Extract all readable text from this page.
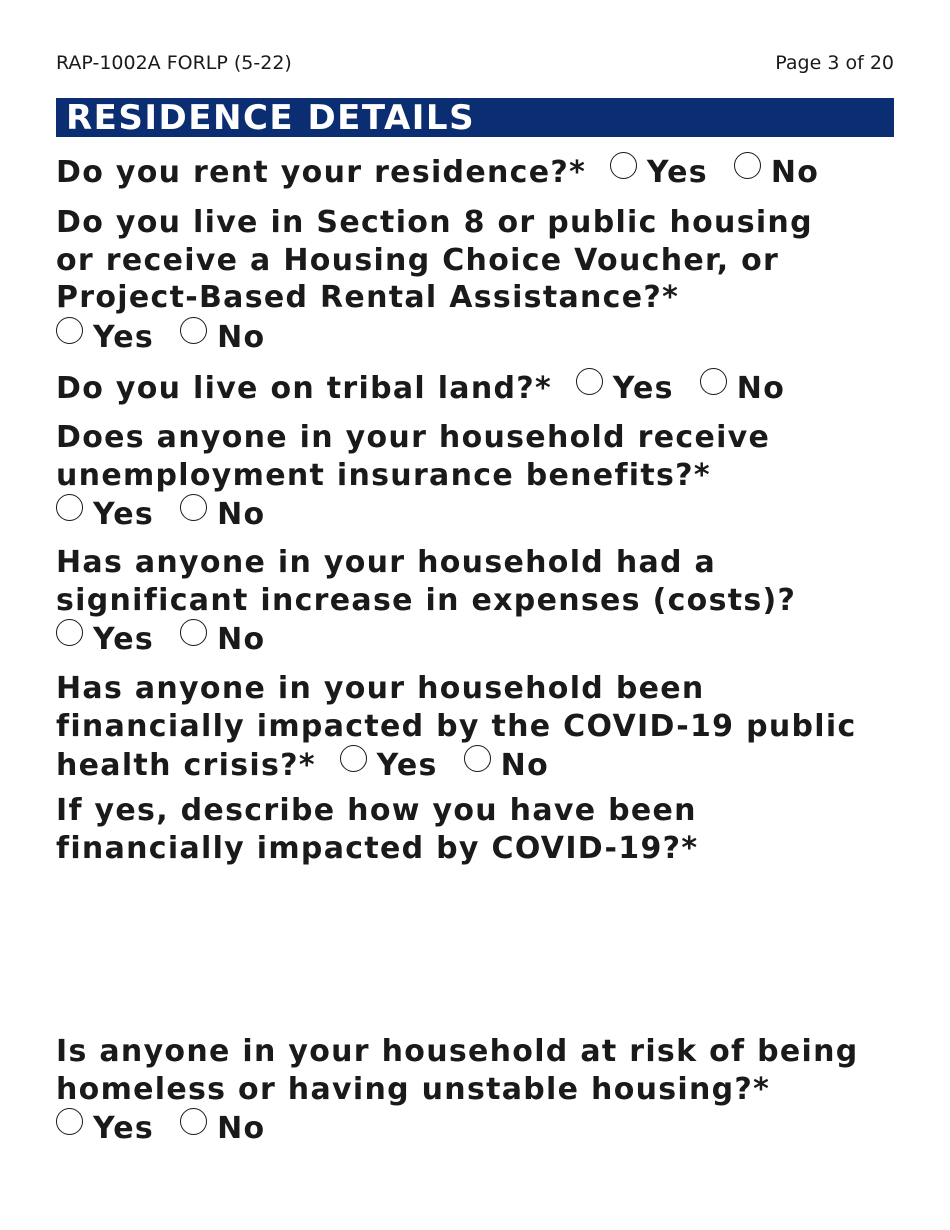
RAP-1002A FORLP (5-22)	Page 3 of 20
RESIDENCE DETAILS
Do you rent your residence?* Yes No
Do you live in Section 8 or public housing
or receive a Housing Choice Voucher, or
Project-Based Rental Assistance?*
Yes No
Do you live on tribal land?* Yes No
Does anyone in your household receive
unemployment insurance benefits?*
Yes No
Has anyone in your household had a
significant increase in expenses (costs)?
Yes No
Has anyone in your household been
financially impacted by the COVID-19 public
health crisis?* Yes No
If yes, describe how you have been
financially impacted by COVID-19?*
Is anyone in your household at risk of being
homeless or having unstable housing?*
Yes No
